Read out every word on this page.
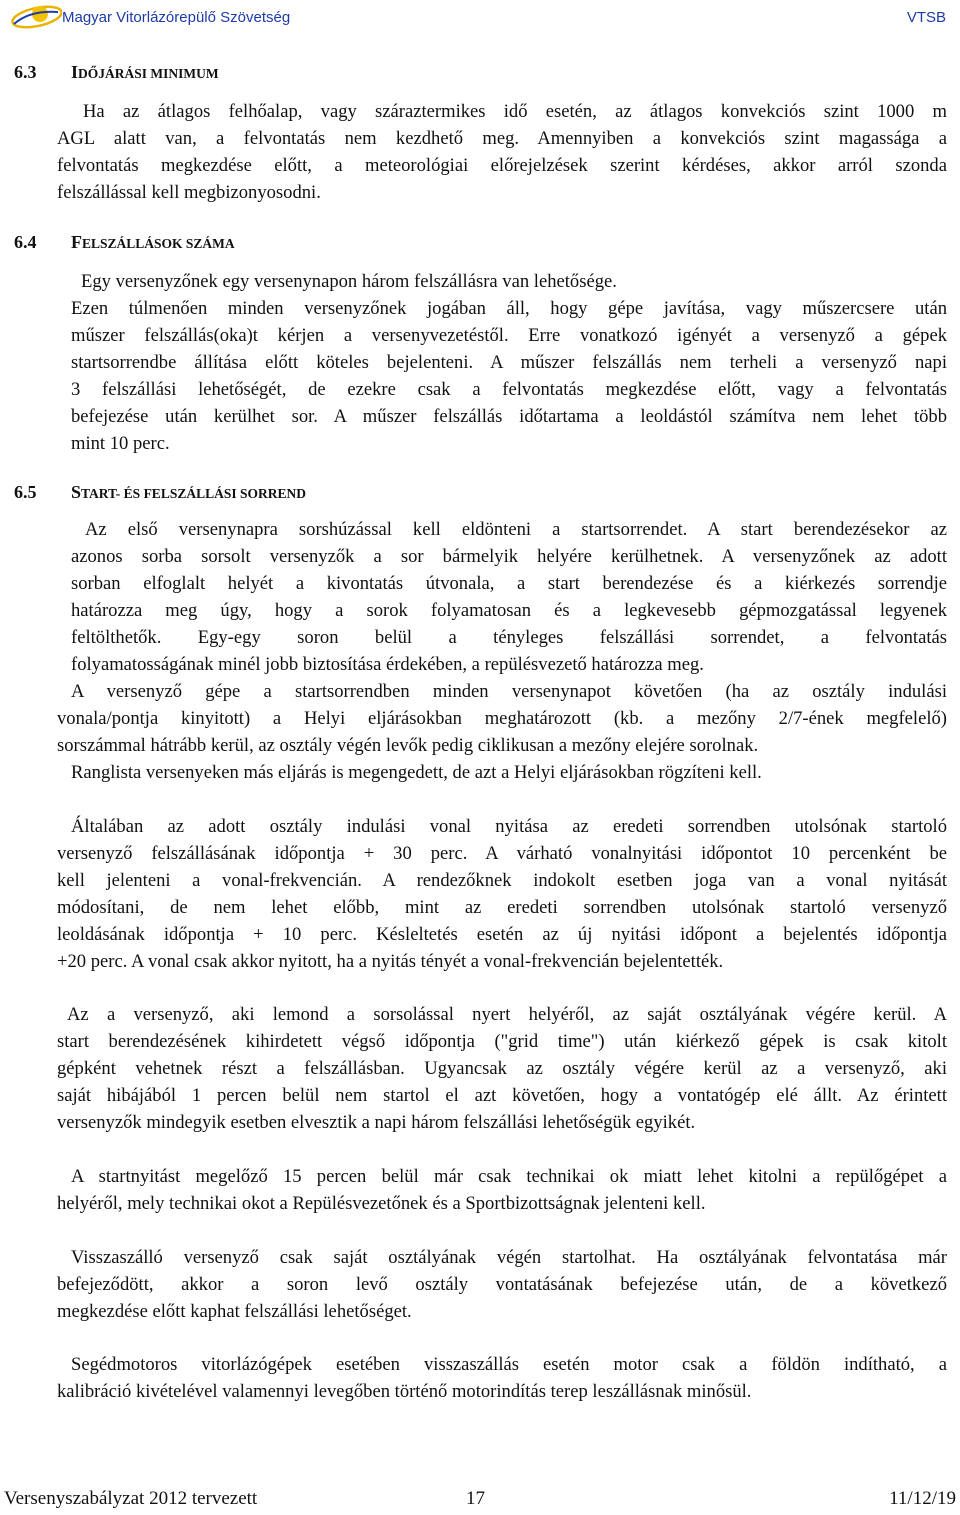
Magyar Vitorlázórepülő Szövetség	VTSB
6.3 IDŐJÁRÁSI MINIMUM
Ha az átlagos felhőalap, vagy száraztermikes idő esetén, az átlagos konvekciós szint 1000 m
AGL alatt van, a felvontatás nem kezdhető meg. Amennyiben a konvekciós szint magassága a
felvontatás megkezdése előtt, a meteorológiai előrejelzések szerint kérdéses, akkor arról szonda
felszállással kell megbizonyosodni.
6.4 FELSZÁLLÁSOK SZÁMA
Egy versenyzőnek egy versenynapon három felszállásra van lehetősége.
Ezen túlmenően minden versenyzőnek jogában áll, hogy gépe javítása, vagy műszercsere után
műszer felszállás(oka)t kérjen a versenyvezetéstől. Erre vonatkozó igényét a versenyző a gépek
startsorrendbe állítása előtt köteles bejelenteni. A műszer felszállás nem terheli a versenyző napi
3 felszállási lehetőségét, de ezekre csak a felvontatás megkezdése előtt, vagy a felvontatás
befejezése után kerülhet sor. A műszer felszállás időtartama a leoldástól számítva nem lehet több
mint 10 perc.
6.5 START- ÉS FELSZÁLLÁSI SORREND
Az első versenynapra sorshúzással kell eldönteni a startsorrendet. A start berendezésekor az
azonos sorba sorsolt versenyzők a sor bármelyik helyére kerülhetnek. A versenyzőnek az adott
sorban elfoglalt helyét a kivontatás útvonala, a start berendezése és a kiérkezés sorrendje
határozza meg úgy, hogy a sorok folyamatosan és a legkevesebb gépmozgatással legyenek
feltölthetők. Egy-egy soron belül a tényleges felszállási sorrendet, a felvontatás
folyamatosságának minél jobb biztosítása érdekében, a repülésvezető határozza meg.
A versenyző gépe a startsorrendben minden versenynapot követően (ha az osztály indulási
vonala/pontja kinyitott) a Helyi eljárásokban meghatározott (kb. a mezőny 2/7-ének megfelelő)
sorszámmal hátrább kerül, az osztály végén levők pedig ciklikusan a mezőny elejére sorolnak.
Ranglista versenyeken más eljárás is megengedett, de azt a Helyi eljárásokban rögzíteni kell.
Általában az adott osztály indulási vonal nyitása az eredeti sorrendben utolsónak startoló
versenyző felszállásának időpontja + 30 perc. A várható vonalnyitási időpontot 10 percenként be
kell jelenteni a vonal-frekvencián. A rendezőknek indokolt esetben joga van a vonal nyitását
módosítani, de nem lehet előbb, mint az eredeti sorrendben utolsónak startoló versenyző
leoldásának időpontja + 10 perc. Késleltetés esetén az új nyitási időpont a bejelentés időpontja
+20 perc. A vonal csak akkor nyitott, ha a nyitás tényét a vonal-frekvencián bejelentették.
Az a versenyző, aki lemond a sorsolással nyert helyéről, az saját osztályának végére kerül. A
start berendezésének kihirdetett végső időpontja ("grid time") után kiérkező gépek is csak kitolt
gépként vehetnek részt a felszállásban. Ugyancsak az osztály végére kerül az a versenyző, aki
saját hibájából 1 percen belül nem startol el azt követően, hogy a vontatógép elé állt. Az érintett
versenyzők mindegyik esetben elvesztik a napi három felszállási lehetőségük egyikét.
A startnyitást megelőző 15 percen belül már csak technikai ok miatt lehet kitolni a repülőgépet a
helyéről, mely technikai okot a Repülésvezetőnek és a Sportbizottságnak jelenteni kell.
Visszaszálló versenyző csak saját osztályának végén startolhat. Ha osztályának felvontatása már
befejeződött, akkor a soron levő osztály vontatásának befejezése után, de a következő
megkezdése előtt kaphat felszállási lehetőséget.
Segédmotoros vitorlázógépek esetében visszaszállás esetén motor csak a földön indítható, a
kalibráció kivételével valamennyi levegőben történő motorindítás terep leszállásnak minősül.
Versenyszabályzat 2012 tervezett	17	11/12/19
